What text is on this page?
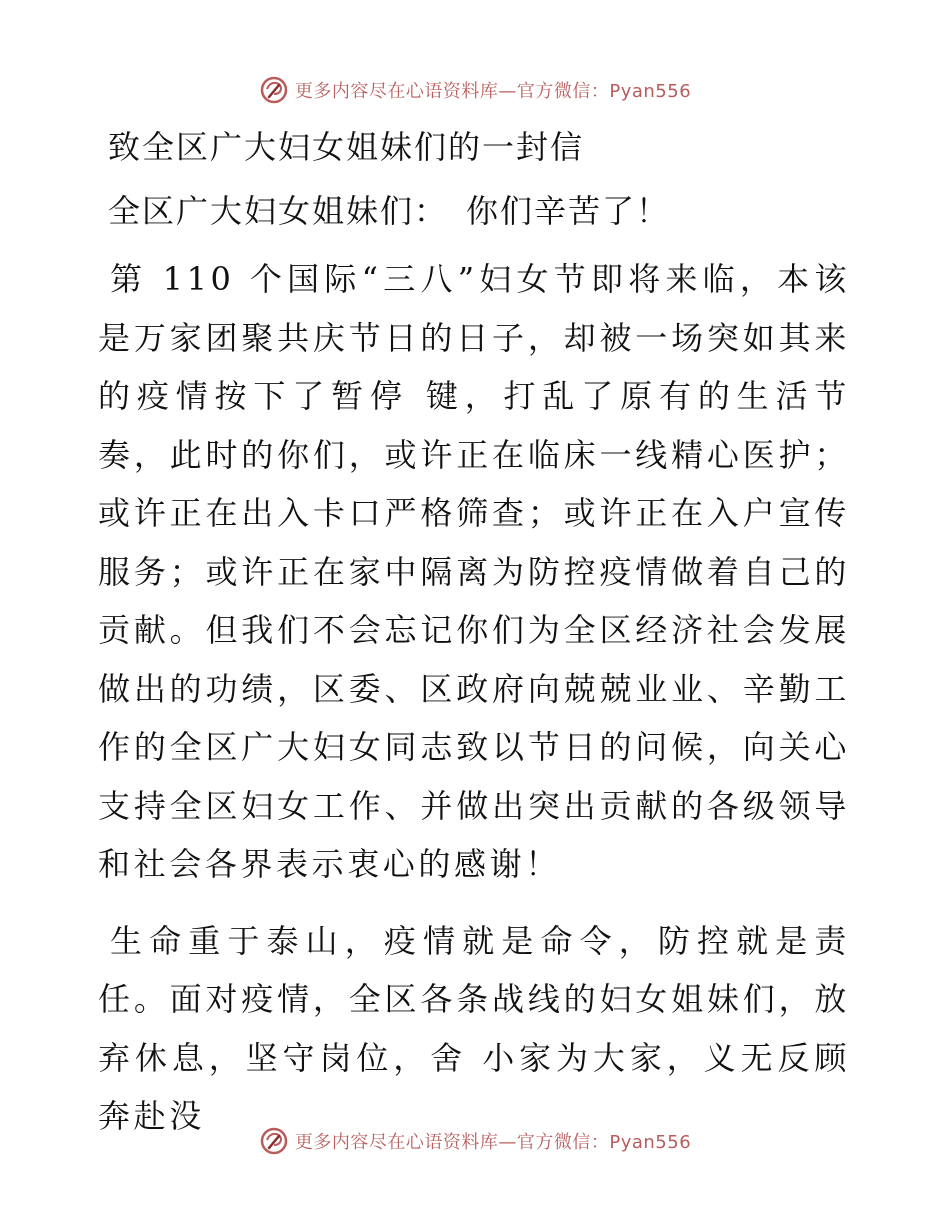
更多内容尽在心语资料库—官方微信：Pyan556
致全区广大妇女姐妹们的一封信
全区广大妇女姐妹们：　你们辛苦了！
第 110 个国际“三八”妇女节即将来临，本该是万家团聚共庆节日的日子，却被一场突如其来的疫情按下了暂停 键，打乱了原有的生活节奏，此时的你们，或许正在临床一线精心医护；或许正在出入卡口严格筛查；或许正在入户宣传服务；或许正在家中隔离为防控疫情做着自己的贡献。但我们不会忘记你们为全区经济社会发展做出的功绩，区委、区政府向兢兢业业、辛勤工作的全区广大妇女同志致以节日的问候，向关心支持全区妇女工作、并做出突出贡献的各级领导和社会各界表示衷心的感谢！
生命重于泰山，疫情就是命令，防控就是责任。面对疫情，全区各条战线的妇女姐妹们，放弃休息，坚守岗位，舍 小家为大家，义无反顾奔赴没
更多内容尽在心语资料库—官方微信：Pyan556
